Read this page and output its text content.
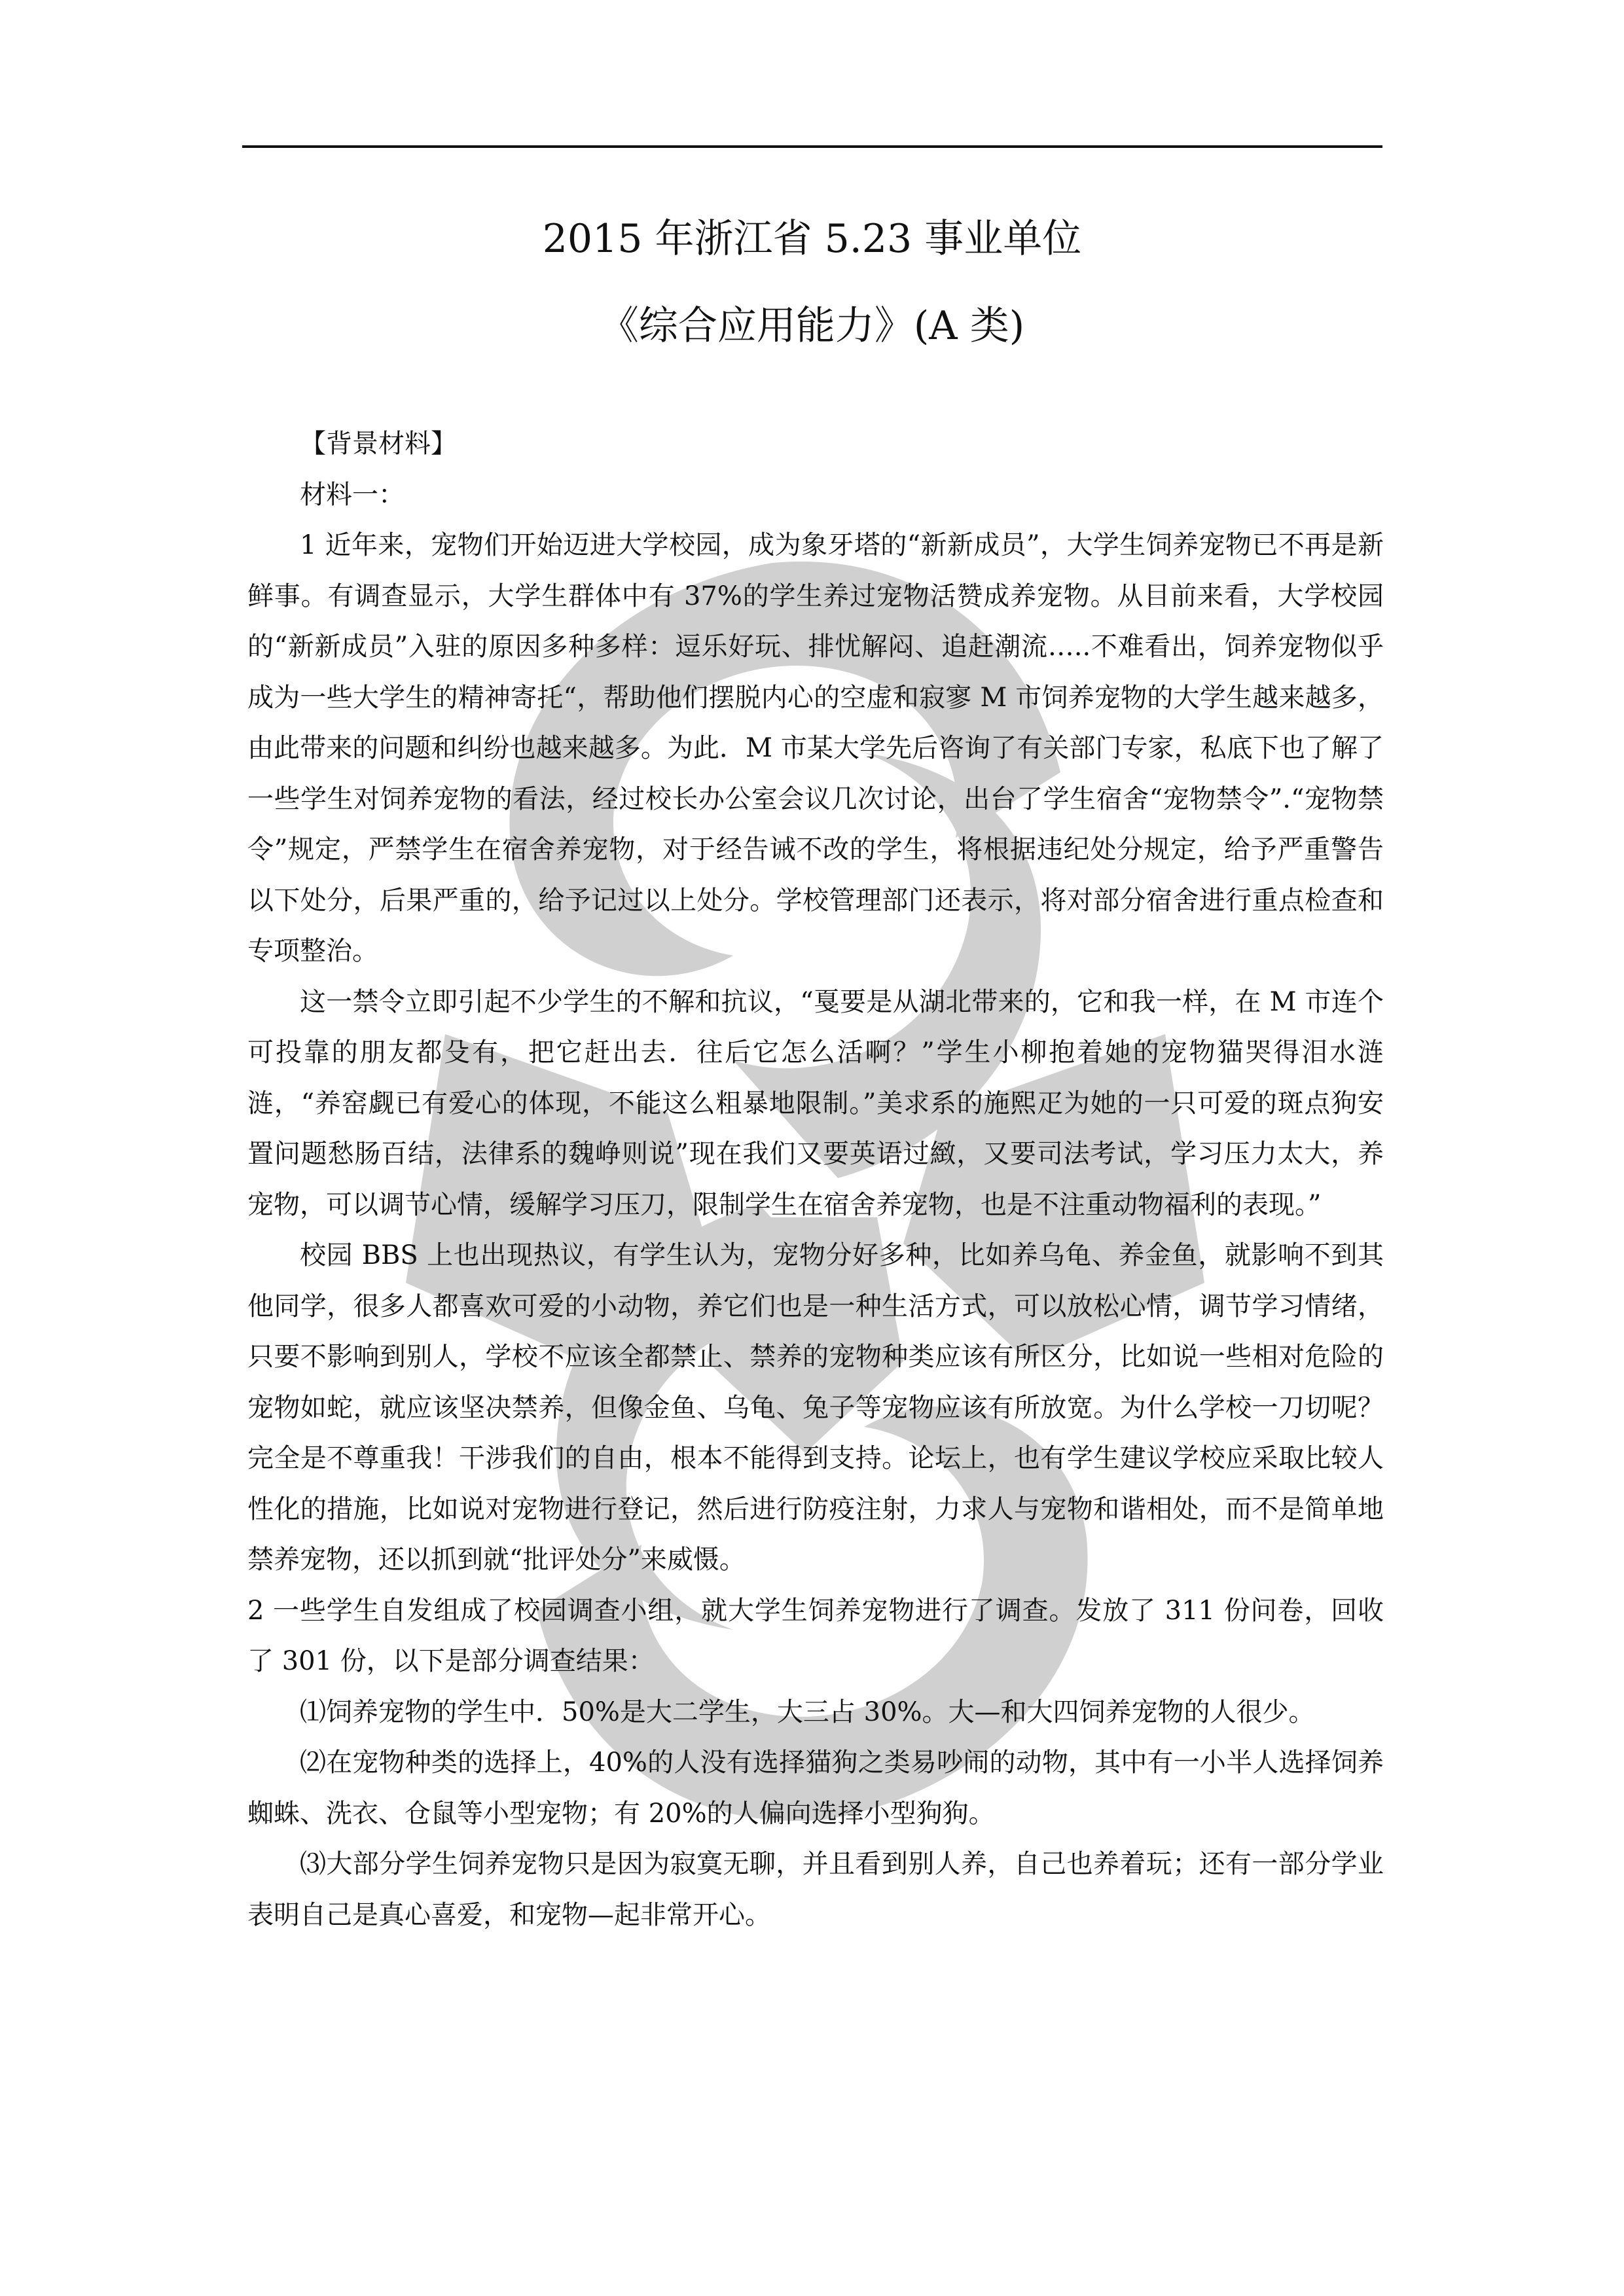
2015 年浙江省 5.23 事业单位
《综合应用能力》(A 类)

【背景材料】

材料一：

1 近年来，宠物们开始迈进大学校园，成为象牙塔的“新新成员”，大学生饲养宠物已不再是新鲜事。有调查显示，大学生群体中有 37%的学生养过宠物活赞成养宠物。从目前来看，大学校园的“新新成员”入驻的原因多种多样：逗乐好玩、排忧解闷、追赶潮流…..不难看出，饲养宠物似乎成为一些大学生的精神寄托“，帮助他们摆脱内心的空虚和寂寥 M 市饲养宠物的大学生越来越多，由此带来的问题和纠纷也越来越多。为此．M 市某大学先后咨询了有关部门专家，私底下也了解了一些学生对饲养宠物的看法，经过校长办公室会议几次讨论，出台了学生宿舍“宠物禁令”.“宠物禁令”规定，严禁学生在宿舍养宠物，对于经告诫不改的学生，将根据违纪处分规定，给予严重警告以下处分，后果严重的，给予记过以上处分。学校管理部门还表示，将对部分宿舍进行重点检查和专项整治。

这一禁令立即引起不少学生的不解和抗议，“戛要是从湖北带来的，它和我一样，在 M 市连个可投靠的朋友都殳有，把它赶出去．往后它怎么活啊？”学生小柳抱着她的宠物猫哭得泪水涟涟，“养窑觑已有爱心的体现，不能这么粗暴地限制。”美求系的施熙疋为她的一只可爱的斑点狗安置问题愁肠百结，法律系的魏峥则说”现在我们又要英语过緻，又要司法考试，学习压力太大，养宠物，可以调节心情，缓解学习压刀，限制学生在宿舍养宠物，也是不注重动物福利的表现。”

校园 BBS 上也出现热议，有学生认为，宠物分好多种，比如养乌龟、养金鱼，就影响不到其他同学，很多人都喜欢可爱的小动物，养它们也是一种生活方式，可以放松心情，调节学习情绪，只要不影响到别人，学校不应该全都禁止、禁养的宠物种类应该有所区分，比如说一些相对危险的宠物如蛇，就应该坚决禁养，但像金鱼、乌龟、兔子等宠物应该有所放宽。为什么学校一刀切呢？完全是不尊重我！干涉我们的自由，根本不能得到支持。论坛上，也有学生建议学校应采取比较人性化的措施，比如说对宠物进行登记，然后进行防疫注射，力求人与宠物和谐相处，而不是简单地禁养宠物，还以抓到就“批评处分”来威慑。

2 一些学生自发组成了校园调查小组，就大学生饲养宠物进行了调查。发放了 311 份问卷，回收了 301 份，以下是部分调查结果：

⑴饲养宠物的学生中．50%是大二学生，大三占 30%。大—和大四饲养宠物的人很少。

⑵在宠物种类的选择上，40%的人没有选择猫狗之类易吵闹的动物，其中有一小半人选择饲养蜘蛛、洗衣、仓鼠等小型宠物；有 20%的人偏向选择小型狗狗。

⑶大部分学生饲养宠物只是因为寂寞无聊，并且看到别人养，自己也养着玩；还有一部分学业表明自己是真心喜爱，和宠物—起非常开心。
